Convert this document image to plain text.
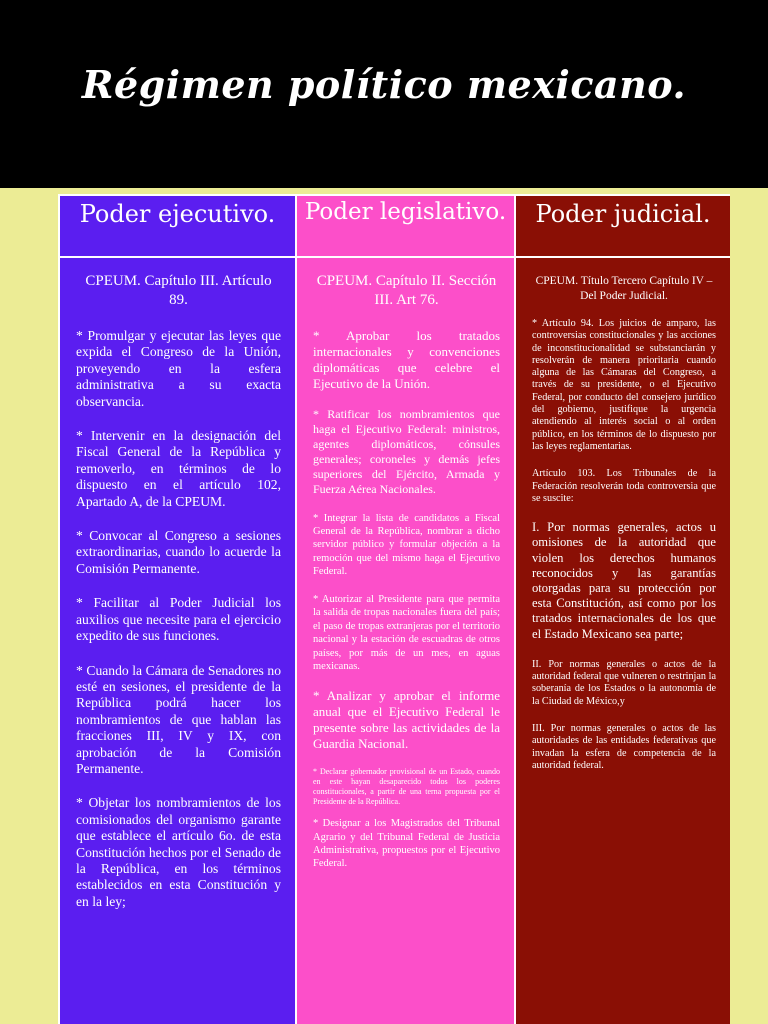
Régimen político mexicano.
Poder ejecutivo.
CPEUM. Capítulo III. Artículo 89.

* Promulgar y ejecutar las leyes que expida el Congreso de la Unión, proveyendo en la esfera administrativa a su exacta observancia.

* Intervenir en la designación del Fiscal General de la República y removerlo, en términos de lo dispuesto en el artículo 102, Apartado A, de la CPEUM.

* Convocar al Congreso a sesiones extraordinarias, cuando lo acuerde la Comisión Permanente.

* Facilitar al Poder Judicial los auxilios que necesite para el ejercicio expedito de sus funciones.

* Cuando la Cámara de Senadores no esté en sesiones, el presidente de la República podrá hacer los nombramientos de que hablan las fracciones III, IV y IX, con aprobación de la Comisión Permanente.

* Objetar los nombramientos de los comisionados del organismo garante que establece el artículo 6o. de esta Constitución hechos por el Senado de la República, en los términos establecidos en esta Constitución y en la ley;

Poder legislativo.
CPEUM. Capítulo II. Sección III. Art 76.

* Aprobar los tratados internacionales y convenciones diplomáticas que celebre el Ejecutivo de la Unión.

* Ratificar los nombramientos que haga el Ejecutivo Federal: ministros, agentes diplomáticos, cónsules generales; coroneles y demás jefes superiores del Ejército, Armada y Fuerza Aérea Nacionales.

* Integrar la lista de candidatos a Fiscal General de la República, nombrar a dicho servidor público y formular objeción a la remoción que del mismo haga el Ejecutivo Federal.

* Autorizar al Presidente para que permita la salida de tropas nacionales fuera del país; el paso de tropas extranjeras por el territorio nacional y la estación de escuadras de otros países, por más de un mes, en aguas mexicanas.

* Analizar y aprobar el informe anual que el Ejecutivo Federal le presente sobre las actividades de la Guardia Nacional.

* Declarar gobernador provisional de un Estado, cuando en este hayan desaparecido todos los poderes constitucionales, a partir de una terna propuesta por el Presidente de la República.

* Designar a los Magistrados del Tribunal Agrario y del Tribunal Federal de Justicia Administrativa, propuestos por el Ejecutivo Federal.

Poder judicial.
CPEUM. Título Tercero Capítulo IV – Del Poder Judicial.

* Artículo 94. Los juicios de amparo, las controversias constitucionales y las acciones de inconstitucionalidad se substanciarán y resolverán de manera prioritaria cuando alguna de las Cámaras del Congreso, a través de su presidente, o el Ejecutivo Federal, por conducto del consejero jurídico del gobierno, justifique la urgencia atendiendo al interés social o al orden público, en los términos de lo dispuesto por las leyes reglamentarias.

Artículo 103. Los Tribunales de la Federación resolverán toda controversia que se suscite:

I. Por normas generales, actos u omisiones de la autoridad que violen los derechos humanos reconocidos y las garantías otorgadas para su protección por esta Constitución, así como por los tratados internacionales de los que el Estado Mexicano sea parte;

II. Por normas generales o actos de la autoridad federal que vulneren o restrinjan la soberanía de los Estados o la autonomía de la Ciudad de México,y

III. Por normas generales o actos de las autoridades de las entidades federativas que invadan la esfera de competencia de la autoridad federal.
